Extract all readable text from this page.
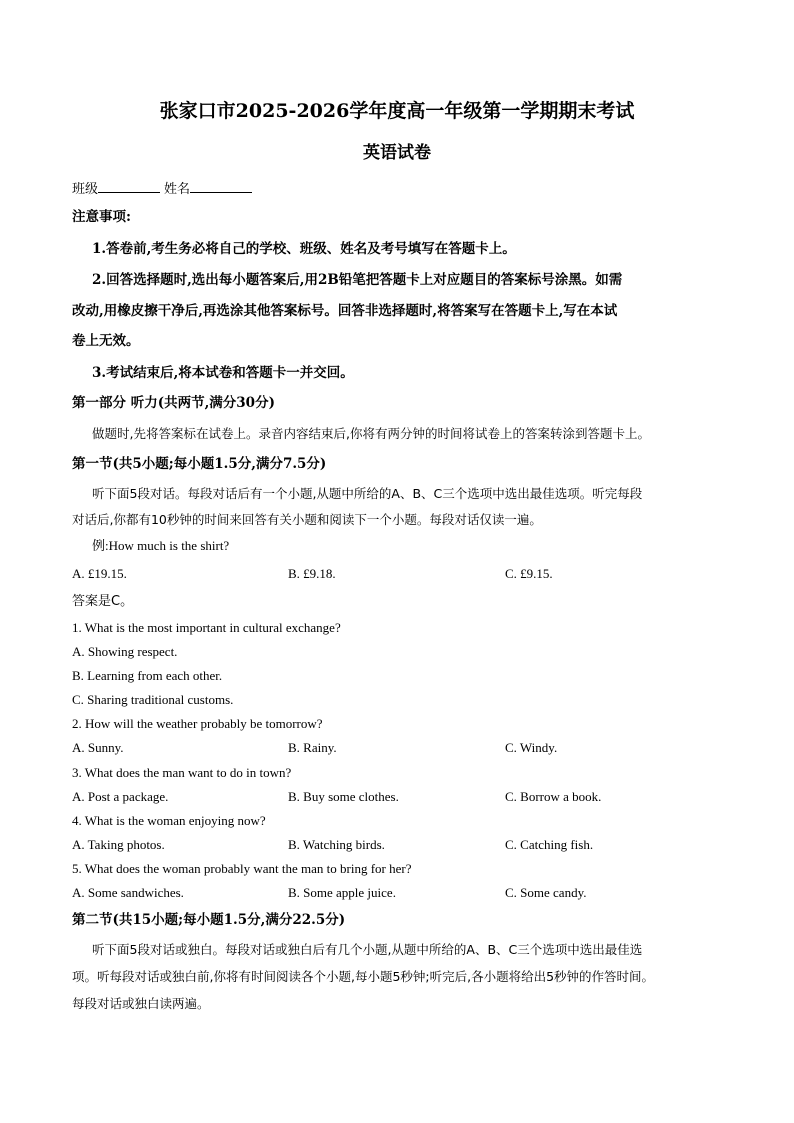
张家口市2025-2026学年度高一年级第一学期期末考试
英语试卷
班级	姓名
注意事项:
1.答卷前,考生务必将自己的学校、班级、姓名及考号填写在答题卡上。
2.回答选择题时,选出每小题答案后,用2B铅笔把答题卡上对应题目的答案标号涂黑。如需
改动,用橡皮擦干净后,再选涂其他答案标号。回答非选择题时,将答案写在答题卡上,写在本试
卷上无效。
3.考试结束后,将本试卷和答题卡一并交回。
第一部分 听力(共两节,满分30分)
做题时,先将答案标在试卷上。录音内容结束后,你将有两分钟的时间将试卷上的答案转涂到答题卡上。
第一节(共5小题;每小题1.5分,满分7.5分)
听下面5段对话。每段对话后有一个小题,从题中所给的A、B、C三个选项中选出最佳选项。听完每段
对话后,你都有10秒钟的时间来回答有关小题和阅读下一个小题。每段对话仅读一遍。
例:How much is the shirt?
A. £19.15.	B. £9.18.	C. £9.15.
答案是C。
1. What is the most important in cultural exchange?
A. Showing respect.
B. Learning from each other.
C. Sharing traditional customs.
2. How will the weather probably be tomorrow?
A. Sunny.	B. Rainy.	C. Windy.
3. What does the man want to do in town?
A. Post a package.	B. Buy some clothes.	C. Borrow a book.
4. What is the woman enjoying now?
A. Taking photos.	B. Watching birds.	C. Catching fish.
5. What does the woman probably want the man to bring for her?
A. Some sandwiches.	B. Some apple juice.	C. Some candy.
第二节(共15小题;每小题1.5分,满分22.5分)
听下面5段对话或独白。每段对话或独白后有几个小题,从题中所给的A、B、C三个选项中选出最佳选
项。听每段对话或独白前,你将有时间阅读各个小题,每小题5秒钟;听完后,各小题将给出5秒钟的作答时间。
每段对话或独白读两遍。
